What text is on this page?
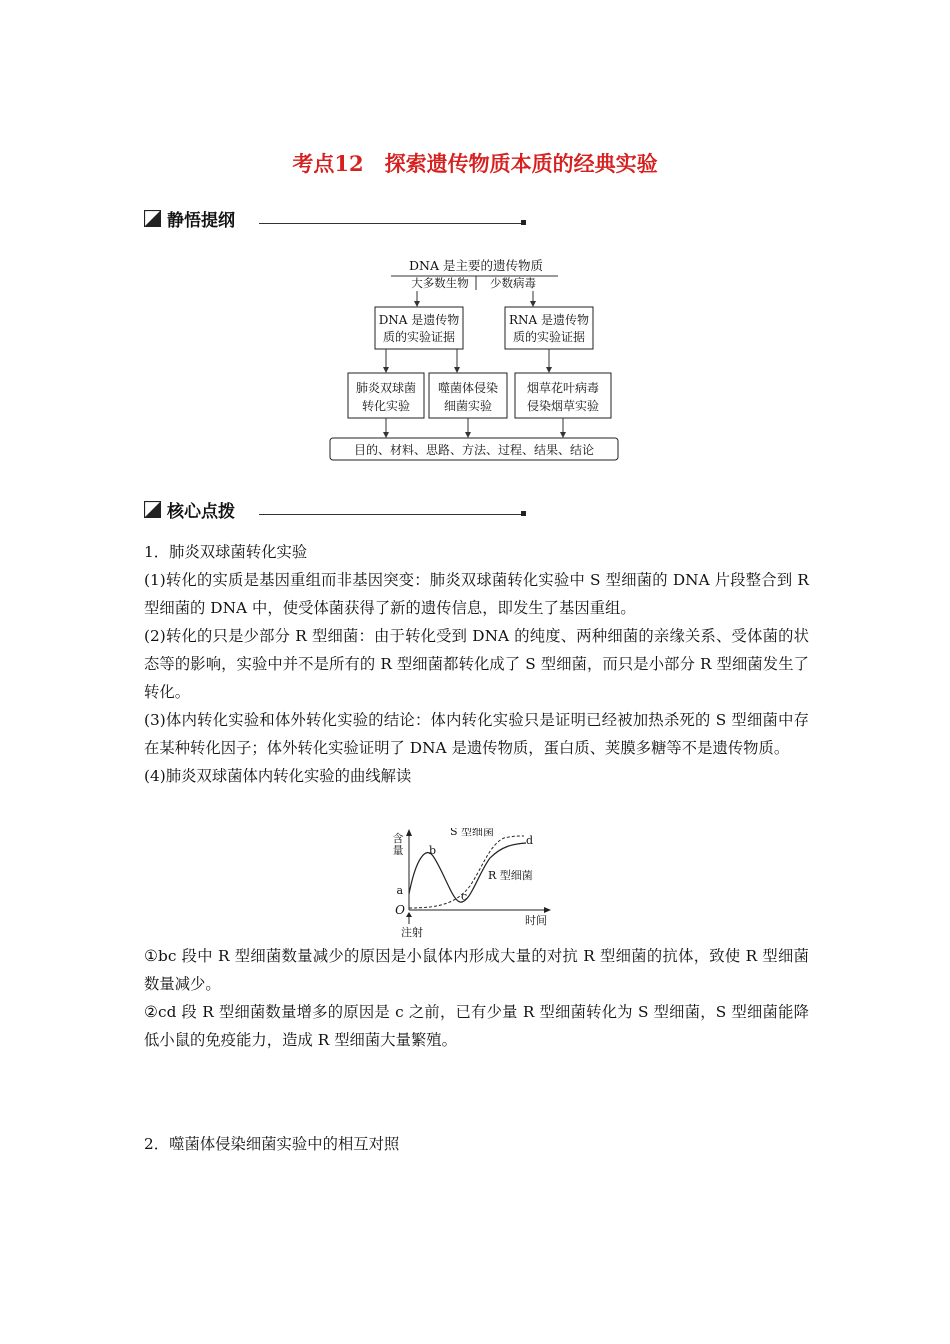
考点12　探索遗传物质本质的经典实验
静悟提纲
DNA 是主要的遗传物质
大多数生物 少数病毒
DNA 是遗传物
质的实验证据
RNA 是遗传物
质的实验证据
肺炎双球菌
转化实验
噬菌体侵染
细菌实验
烟草花叶病毒
侵染烟草实验
目的、材料、思路、方法、过程、结果、结论
核心点拨

1．肺炎双球菌转化实验

(1)转化的实质是基因重组而非基因突变：肺炎双球菌转化实验中 S 型细菌的 DNA 片段整合到 R 型细菌的 DNA 中，使受体菌获得了新的遗传信息，即发生了基因重组。

(2)转化的只是少部分 R 型细菌：由于转化受到 DNA 的纯度、两种细菌的亲缘关系、受体菌的状态等的影响，实验中并不是所有的 R 型细菌都转化成了 S 型细菌，而只是小部分 R 型细菌发生了转化。

(3)体内转化实验和体外转化实验的结论：体内转化实验只是证明已经被加热杀死的 S 型细菌中存在某种转化因子；体外转化实验证明了 DNA 是遗传物质，蛋白质、荚膜多糖等不是遗传物质。

(4)肺炎双球菌体内转化实验的曲线解读

含
量
O
时间
注射
S 型细菌
R 型细菌
a
b
c
d

①bc 段中 R 型细菌数量减少的原因是小鼠体内形成大量的对抗 R 型细菌的抗体，致使 R 型细菌数量减少。

②cd 段 R 型细菌数量增多的原因是 c 之前，已有少量 R 型细菌转化为 S 型细菌，S 型细菌能降低小鼠的免疫能力，造成 R 型细菌大量繁殖。

2．噬菌体侵染细菌实验中的相互对照
